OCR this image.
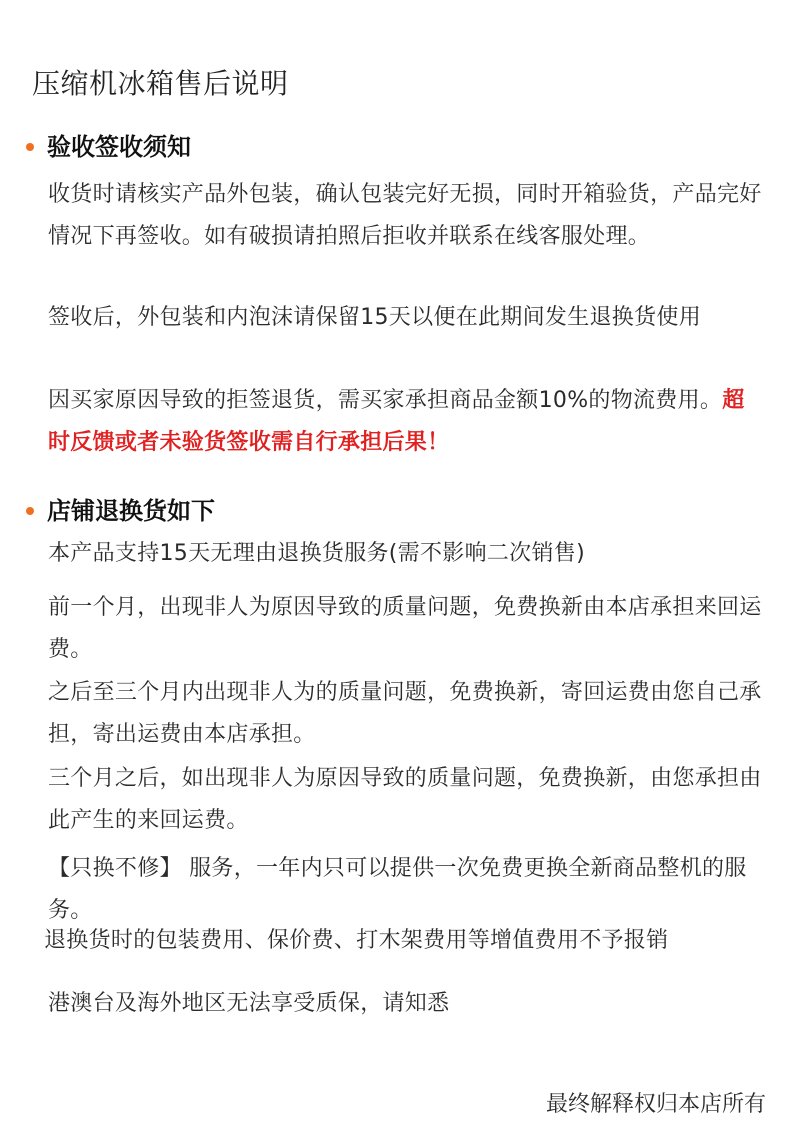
压缩机冰箱售后说明
验收签收须知
收货时请核实产品外包装，确认包装完好无损，同时开箱验货，产品完好情况下再签收。如有破损请拍照后拒收并联系在线客服处理。
签收后，外包装和内泡沫请保留15天以便在此期间发生退换货使用
因买家原因导致的拒签退货，需买家承担商品金额10%的物流费用。超时反馈或者未验货签收需自行承担后果！
店铺退换货如下
本产品支持15天无理由退换货服务(需不影响二次销售)
前一个月，出现非人为原因导致的质量问题，免费换新由本店承担来回运费。
之后至三个月内出现非人为的质量问题，免费换新，寄回运费由您自己承担，寄出运费由本店承担。
三个月之后，如出现非人为原因导致的质量问题，免费换新，由您承担由此产生的来回运费。
【只换不修】 服务，一年内只可以提供一次免费更换全新商品整机的服务。
退换货时的包装费用、保价费、打木架费用等增值费用不予报销
港澳台及海外地区无法享受质保，请知悉
最终解释权归本店所有
